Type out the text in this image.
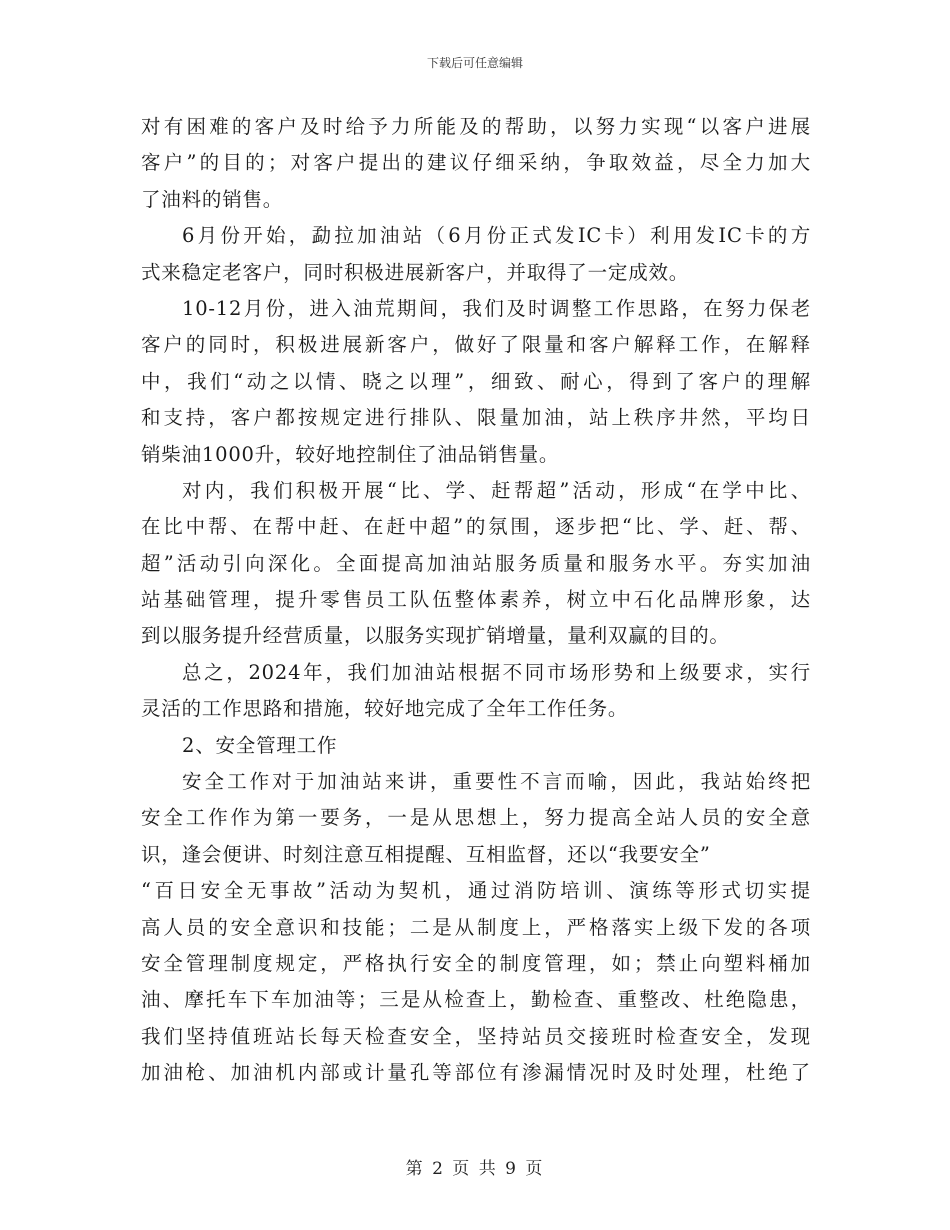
下载后可任意编辑
对有困难的客户及时给予力所能及的帮助，以努力实现“以客户进展
客户”的目的；对客户提出的建议仔细采纳，争取效益，尽全力加大
了油料的销售。
6月份开始，勐拉加油站（6月份正式发IC卡）利用发IC卡的方
式来稳定老客户，同时积极进展新客户，并取得了一定成效。
10-12月份，进入油荒期间，我们及时调整工作思路，在努力保老
客户的同时，积极进展新客户，做好了限量和客户解释工作，在解释
中，我们“动之以情、晓之以理”，细致、耐心，得到了客户的理解
和支持，客户都按规定进行排队、限量加油，站上秩序井然，平均日
销柴油1000升，较好地控制住了油品销售量。
对内，我们积极开展“比、学、赶帮超”活动，形成“在学中比、
在比中帮、在帮中赶、在赶中超”的氛围，逐步把“比、学、赶、帮、
超”活动引向深化。全面提高加油站服务质量和服务水平。夯实加油
站基础管理，提升零售员工队伍整体素养，树立中石化品牌形象，达
到以服务提升经营质量，以服务实现扩销增量，量利双赢的目的。
总之，2024年，我们加油站根据不同市场形势和上级要求，实行
灵活的工作思路和措施，较好地完成了全年工作任务。
2、安全管理工作
安全工作对于加油站来讲，重要性不言而喻，因此，我站始终把
安全工作作为第一要务，一是从思想上，努力提高全站人员的安全意
识，逢会便讲、时刻注意互相提醒、互相监督，还以“我要安全”
“百日安全无事故”活动为契机，通过消防培训、演练等形式切实提
高人员的安全意识和技能；二是从制度上，严格落实上级下发的各项
安全管理制度规定，严格执行安全的制度管理，如；禁止向塑料桶加
油、摩托车下车加油等；三是从检查上，勤检查、重整改、杜绝隐患，
我们坚持值班站长每天检查安全，坚持站员交接班时检查安全，发现
加油枪、加油机内部或计量孔等部位有渗漏情况时及时处理，杜绝了
第 2 页 共 9 页
